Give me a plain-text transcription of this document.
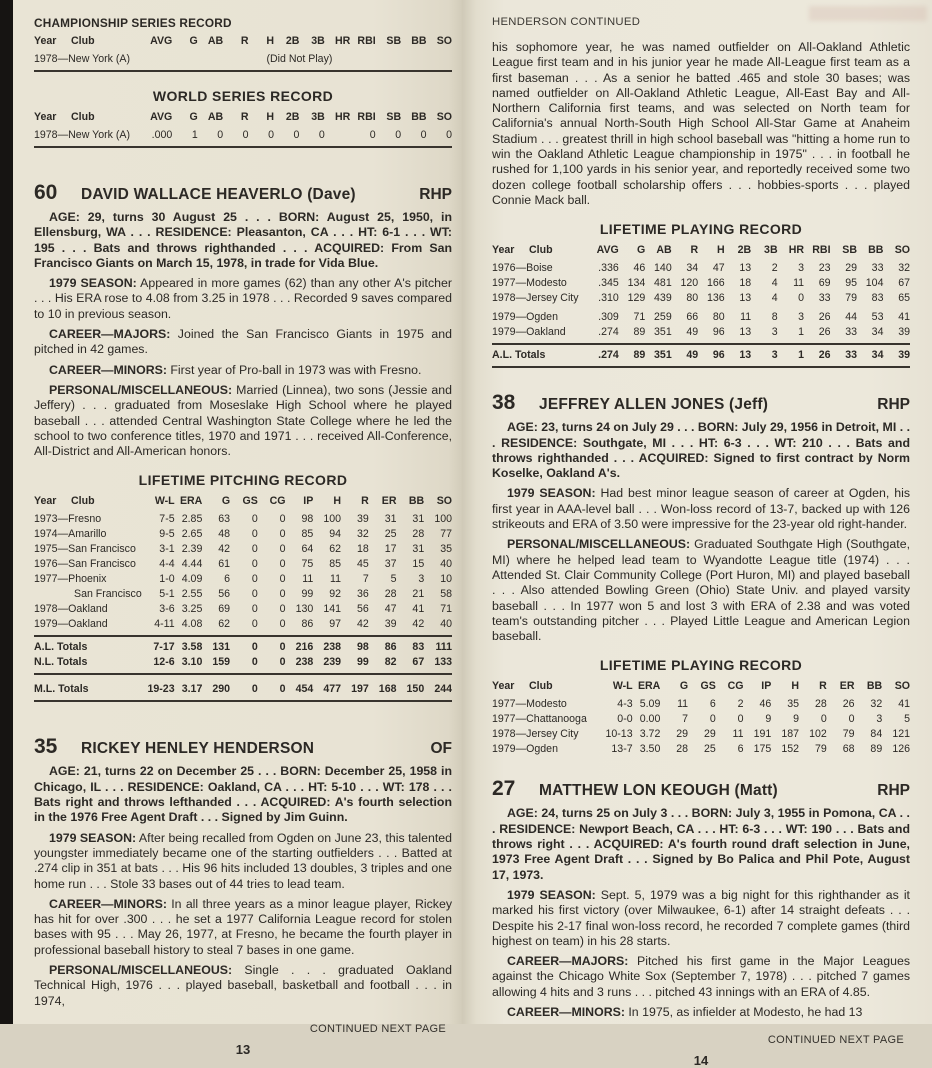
CHAMPIONSHIP SERIES RECORD
Year Club	AVG	G	AB	R	H	2B	3B	HR	RBI	SB	BB	SO
1978—New York (A)	(Did Not Play)											

WORLD SERIES RECORD
Year Club	AVG	G	AB	R	H	2B	3B	HR	RBI	SB	BB	SO
1978—New York (A)	.000	1	0	0	0	0	0		0	0	0	0

60	DAVID WALLACE HEAVERLO (Dave)	RHP

AGE: 29, turns 30 August 25 . . . BORN: August 25, 1950, in Ellensburg, WA . . . RESIDENCE: Pleasanton, CA . . . HT: 6-1 . . . WT: 195 . . . Bats and throws righthanded . . . ACQUIRED: From San Francisco Giants on March 15, 1978, in trade for Vida Blue.

1979 SEASON: Appeared in more games (62) than any other A's pitcher . . . His ERA rose to 4.08 from 3.25 in 1978 . . . Recorded 9 saves compared to 10 in previous season.

CAREER—MAJORS: Joined the San Francisco Giants in 1975 and pitched in 42 games.

CAREER—MINORS: First year of Pro-ball in 1973 was with Fresno.

PERSONAL/MISCELLANEOUS: Married (Linnea), two sons (Jessie and Jeffery) . . . graduated from Moseslake High School where he played baseball . . . attended Central Washington State College where he led the school to two conference titles, 1970 and 1971 . . . received All-Conference, All-District and All-American honors.

LIFETIME PITCHING RECORD
Year Club	W-L	ERA	G	GS	CG	IP	H	R	ER	BB	SO
1973—Fresno	7-5	2.85	63	0	0	98	100	39	31	31	100
1974—Amarillo	9-5	2.65	48	0	0	85	94	32	25	28	77
1975—San Francisco	3-1	2.39	42	0	0	64	62	18	17	31	35
1976—San Francisco	4-4	4.44	61	0	0	75	85	45	37	15	40
1977—Phoenix	1-0	4.09	6	0	0	11	11	7	5	3	10
San Francisco	5-1	2.55	56	0	0	99	92	36	28	21	58
1978—Oakland	3-6	3.25	69	0	0	130	141	56	47	41	71
1979—Oakland	4-11	4.08	62	0	0	86	97	42	39	42	40

A.L. Totals	7-17	3.58	131	0	0	216	238	98	86	83	111
N.L. Totals	12-6	3.10	159	0	0	238	239	99	82	67	133

M.L. Totals	19-23	3.17	290	0	0	454	477	197	168	150	244

35	RICKEY HENLEY HENDERSON	OF

AGE: 21, turns 22 on December 25 . . . BORN: December 25, 1958 in Chicago, IL . . . RESIDENCE: Oakland, CA . . . HT: 5-10 . . . WT: 178 . . . Bats right and throws lefthanded . . . ACQUIRED: A's fourth selection in the 1976 Free Agent Draft . . . Signed by Jim Guinn.

1979 SEASON: After being recalled from Ogden on June 23, this talented youngster immediately became one of the starting outfielders . . . Batted at .274 clip in 351 at bats . . . His 96 hits included 13 doubles, 3 triples and one home run . . . Stole 33 bases out of 44 tries to lead team.

CAREER—MINORS: In all three years as a minor league player, Rickey has hit for over .300 . . . he set a 1977 California League record for stolen bases with 95 . . . May 26, 1977, at Fresno, he became the fourth player in professional baseball history to steal 7 bases in one game.

PERSONAL/MISCELLANEOUS: Single . . . graduated Oakland Technical High, 1976 . . . played baseball, basketball and football . . . in 1974,

CONTINUED NEXT PAGE
13
HENDERSON CONTINUED

his sophomore year, he was named outfielder on All-Oakland Athletic League first team and in his junior year he made All-League first team as a first baseman . . . As a senior he batted .465 and stole 30 bases; was named outfielder on All-Oakland Athletic League, All-East Bay and All-Northern California first teams, and was selected on North team for California's annual North-South High School All-Star Game at Anaheim Stadium . . . greatest thrill in high school baseball was "hitting a home run to win the Oakland Athletic League championship in 1975" . . . in football he rushed for 1,100 yards in his senior year, and reportedly received some two dozen college football scholarship offers . . . hobbies-sports . . . played Connie Mack ball.

LIFETIME PLAYING RECORD
Year Club	AVG	G	AB	R	H	2B	3B	HR	RBI	SB	BB	SO
1976—Boise	.336	46	140	34	47	13	2	3	23	29	33	32
1977—Modesto	.345	134	481	120	166	18	4	11	69	95	104	67
1978—Jersey City	.310	129	439	80	136	13	4	0	33	79	83	65
1979—Ogden	.309	71	259	66	80	11	8	3	26	44	53	41
1979—Oakland	.274	89	351	49	96	13	3	1	26	33	34	39

A.L. Totals	.274	89	351	49	96	13	3	1	26	33	34	39

38	JEFFREY ALLEN JONES (Jeff)	RHP

AGE: 23, turns 24 on July 29 . . . BORN: July 29, 1956 in Detroit, MI . . . RESIDENCE: Southgate, MI . . . HT: 6-3 . . . WT: 210 . . . Bats and throws righthanded . . . ACQUIRED: Signed to first contract by Norm Koselke, Oakland A's.

1979 SEASON: Had best minor league season of career at Ogden, his first year in AAA-level ball . . . Won-loss record of 13-7, backed up with 126 strikeouts and ERA of 3.50 were impressive for the 23-year old right-hander.

PERSONAL/MISCELLANEOUS: Graduated Southgate High (Southgate, MI) where he helped lead team to Wyandotte League title (1974) . . . Attended St. Clair Community College (Port Huron, MI) and played baseball . . . Also attended Bowling Green (Ohio) State Univ. and played varsity baseball . . . In 1977 won 5 and lost 3 with ERA of 2.38 and was voted team's outstanding pitcher . . . Played Little League and American Legion baseball.

LIFETIME PLAYING RECORD
Year Club	W-L	ERA	G	GS	CG	IP	H	R	ER	BB	SO
1977—Modesto	4-3	5.09	11	6	2	46	35	28	26	32	41
1977—Chattanooga	0-0	0.00	7	0	0	9	9	0	0	3	5
1978—Jersey City	10-13	3.72	29	29	11	191	187	102	79	84	121
1979—Ogden	13-7	3.50	28	25	6	175	152	79	68	89	126
27	MATTHEW LON KEOUGH (Matt)	RHP

AGE: 24, turns 25 on July 3 . . . BORN: July 3, 1955 in Pomona, CA . . . RESIDENCE: Newport Beach, CA . . . HT: 6-3 . . . WT: 190 . . . Bats and throws right . . . ACQUIRED: A's fourth round draft selection in June, 1973 Free Agent Draft . . . Signed by Bo Palica and Phil Pote, August 17, 1973.

1979 SEASON: Sept. 5, 1979 was a big night for this righthander as it marked his first victory (over Milwaukee, 6-1) after 14 straight defeats . . . Despite his 2-17 final won-loss record, he recorded 7 complete games (third highest on team) in his 28 starts.

CAREER—MAJORS: Pitched his first game in the Major Leagues against the Chicago White Sox (September 7, 1978) . . . pitched 7 games allowing 4 hits and 3 runs . . . pitched 43 innings with an ERA of 4.85.

CAREER—MINORS: In 1975, as infielder at Modesto, he had 13

CONTINUED NEXT PAGE
14
